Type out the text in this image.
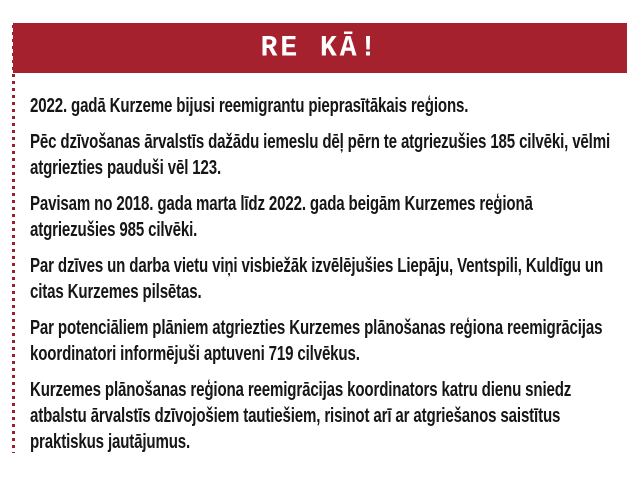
RE KĀ!
2022. gadā Kurzeme bijusi reemigrantu pieprasītākais reģions.
Pēc dzīvošanas ārvalstīs dažādu iemeslu dēļ pērn te atgriezušies 185 cilvēki, vēlmi
atgriezties pauduši vēl 123.
Pavisam no 2018. gada marta līdz 2022. gada beigām Kurzemes reģionā
atgriezušies 985 cilvēki.
Par dzīves un darba vietu viņi visbiežāk izvēlējušies Liepāju, Ventspili, Kuldīgu un
citas Kurzemes pilsētas.
Par potenciāliem plāniem atgriezties Kurzemes plānošanas reģiona reemigrācijas
koordinatori informējuši aptuveni 719 cilvēkus.
Kurzemes plānošanas reģiona reemigrācijas koordinators katru dienu sniedz
atbalstu ārvalstīs dzīvojošiem tautiešiem, risinot arī ar atgriešanos saistītus
praktiskus jautājumus.
